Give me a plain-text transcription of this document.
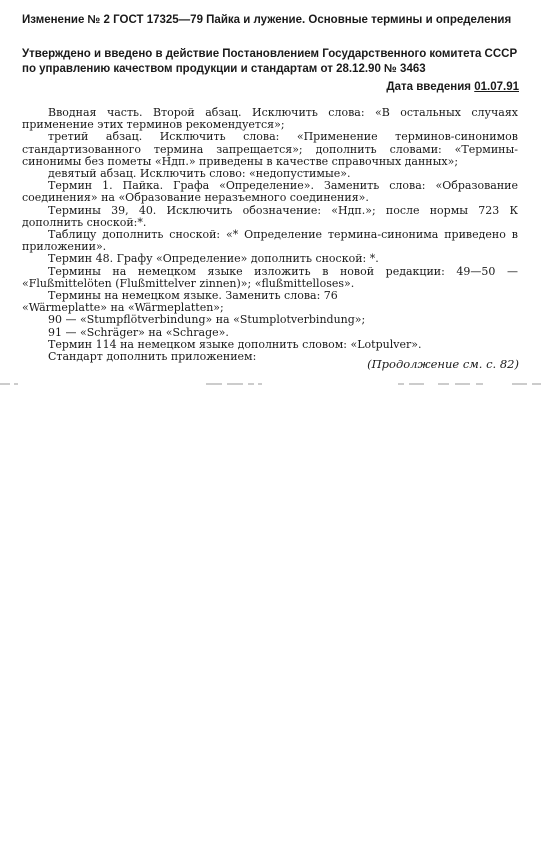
Изменение № 2 ГОСТ 17325—79 Пайка и лужение. Основные термины и определения
Утверждено и введено в действие Постановлением Государственного комитета СССР по управлению качеством продукции и стандартам от 28.12.90 № 3463
Дата введения 01.07.91

Вводная часть. Второй абзац. Исключить слова: «В остальных случаях применение этих терминов рекомендуется»;

третий абзац. Исключить слова: «Применение терминов-синонимов стандартизованного термина запрещается»; дополнить словами: «Термины-синонимы без пометы «Ндп.» приведены в качестве справочных данных»;

девятый абзац. Исключить слово: «недопустимые».

Термин 1. Пайка. Графа «Определение». Заменить слова: «Образование соединения» на «Образование неразъемного соединения».

Термины 39, 40. Исключить обозначение: «Ндп.»; после нормы 723 К дополнить сноской:*.

Таблицу дополнить сноской: «* Определение термина-синонима приведено в приложении».

Термин 48. Графу «Определение» дополнить сноской: *.

Термины на немецком языке изложить в новой редакции: 49—50 — «Flußmittelöten (Flußmittelver zinnen)»; «flußmittelloses».

Термины на немецком языке. Заменить слова: 76

«Wärmeplatte» на «Wärmeplatten»;

90 — «Stumpflötverbindung» на «Stumplotverbindung»;

91 — «Schräger» на «Schrage».

Термин 114 на немецком языке дополнить словом: «Lotpulver».

Стандарт дополнить приложением:

(Продолжение см. с. 82)
